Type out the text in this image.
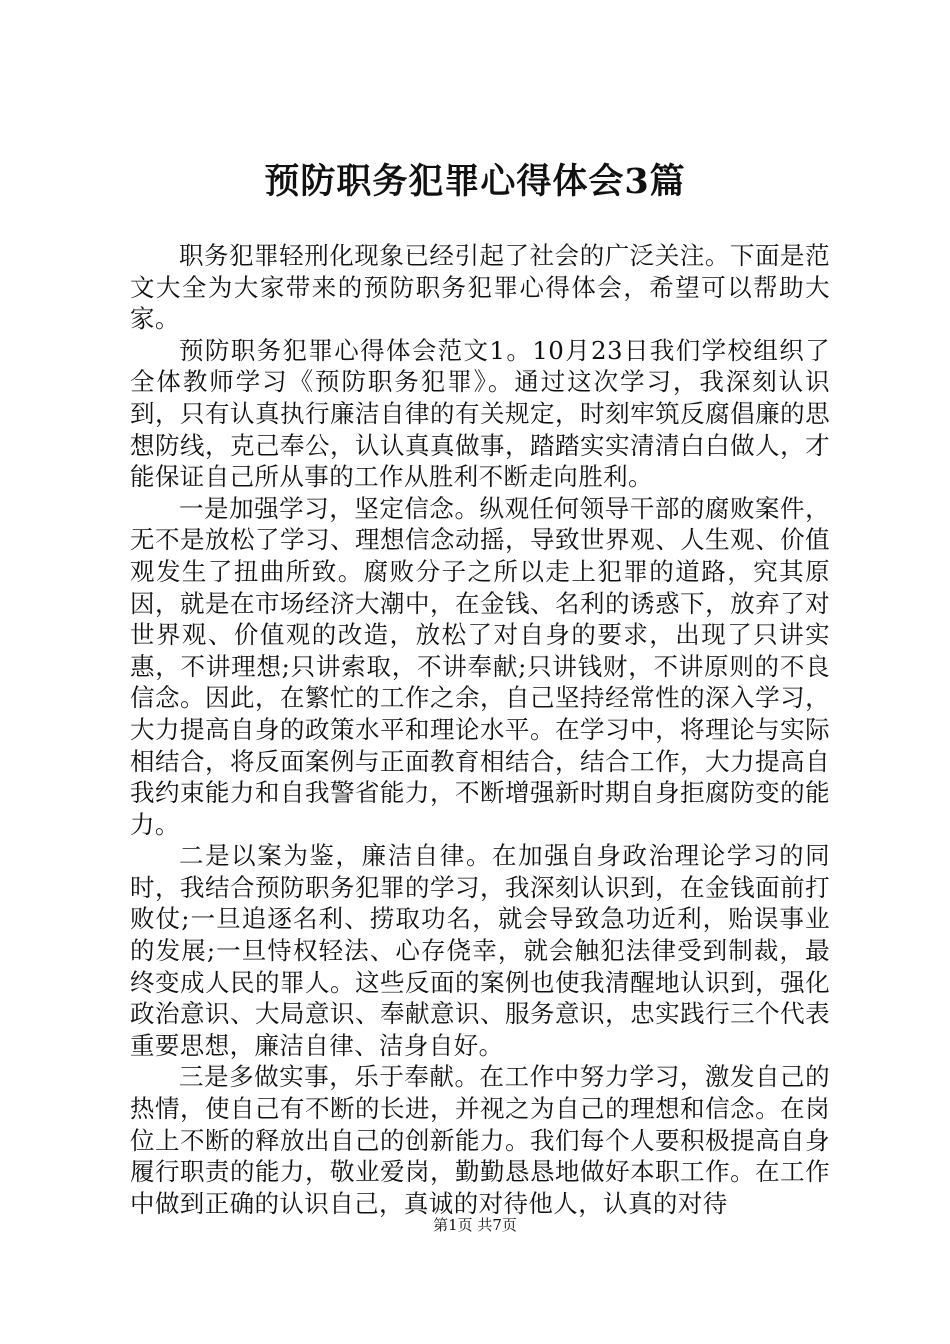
预防职务犯罪心得体会3篇

职务犯罪轻刑化现象已经引起了社会的广泛关注。下面是范文大全为大家带来的预防职务犯罪心得体会，希望可以帮助大家。

预防职务犯罪心得体会范文1。10月23日我们学校组织了全体教师学习《预防职务犯罪》。通过这次学习，我深刻认识到，只有认真执行廉洁自律的有关规定，时刻牢筑反腐倡廉的思想防线，克己奉公，认认真真做事，踏踏实实清清白白做人，才能保证自己所从事的工作从胜利不断走向胜利。

一是加强学习，坚定信念。纵观任何领导干部的腐败案件，无不是放松了学习、理想信念动摇，导致世界观、人生观、价值观发生了扭曲所致。腐败分子之所以走上犯罪的道路，究其原因，就是在市场经济大潮中，在金钱、名利的诱惑下，放弃了对世界观、价值观的改造，放松了对自身的要求，出现了只讲实惠，不讲理想;只讲索取，不讲奉献;只讲钱财，不讲原则的不良信念。因此，在繁忙的工作之余，自己坚持经常性的深入学习，大力提高自身的政策水平和理论水平。在学习中，将理论与实际相结合，将反面案例与正面教育相结合，结合工作，大力提高自我约束能力和自我警省能力，不断增强新时期自身拒腐防变的能力。

二是以案为鉴，廉洁自律。在加强自身政治理论学习的同时，我结合预防职务犯罪的学习，我深刻认识到，在金钱面前打败仗;一旦追逐名利、捞取功名，就会导致急功近利，贻误事业的发展;一旦恃权轻法、心存侥幸，就会触犯法律受到制裁，最终变成人民的罪人。这些反面的案例也使我清醒地认识到，强化政治意识、大局意识、奉献意识、服务意识，忠实践行三个代表重要思想，廉洁自律、洁身自好。

三是多做实事，乐于奉献。在工作中努力学习，激发自己的热情，使自己有不断的长进，并视之为自己的理想和信念。在岗位上不断的释放出自己的创新能力。我们每个人要积极提高自身履行职责的能力，敬业爱岗，勤勤恳恳地做好本职工作。在工作中做到正确的认识自己，真诚的对待他人，认真的对待

第1页 共7页
